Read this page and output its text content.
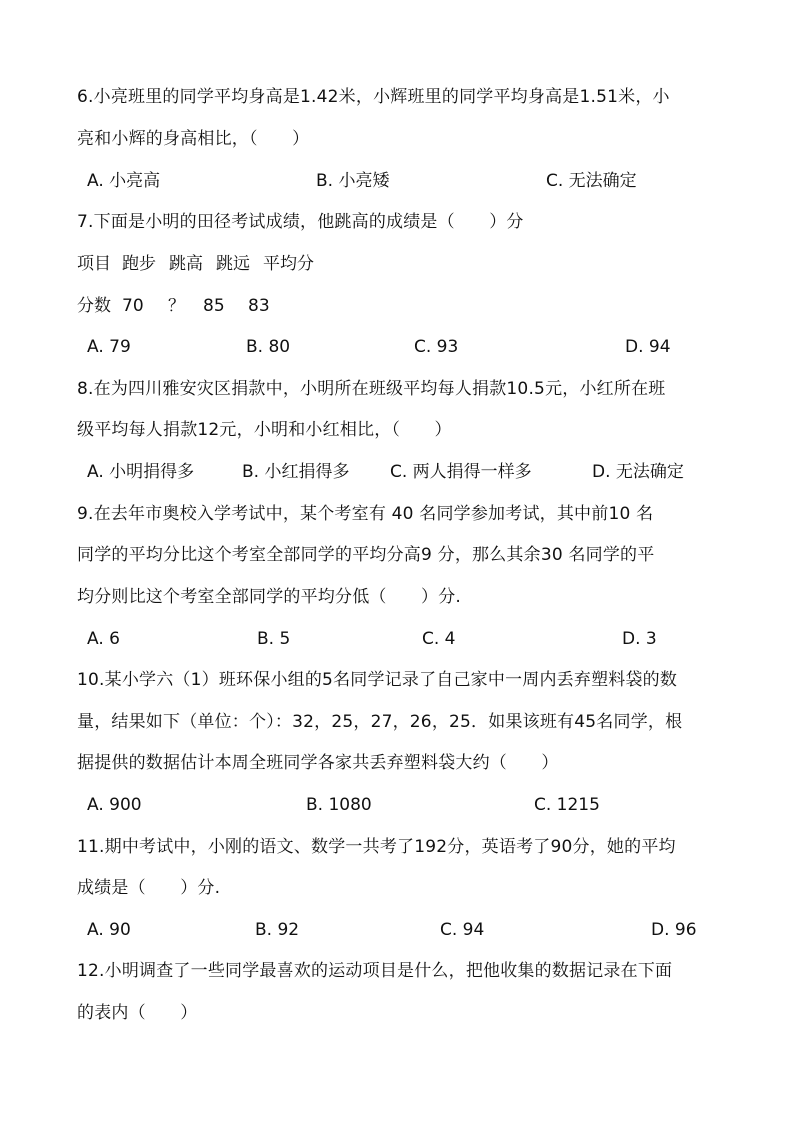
6.小亮班里的同学平均身高是1.42米，小辉班里的同学平均身高是1.51米，小
亮和小辉的身高相比，（　　）
A. 小亮高	B. 小亮矮	C. 无法确定
7.下面是小明的田径考试成绩，他跳高的成绩是（　　）分
项目 跑步 跳高 跳远 平均分
分数 70 ？ 85 83
A. 79	B. 80	C. 93	D. 94
8.在为四川雅安灾区捐款中，小明所在班级平均每人捐款10.5元，小红所在班
级平均每人捐款12元，小明和小红相比，（　　）
A. 小明捐得多	B. 小红捐得多 C. 两人捐得一样多	D. 无法确定
9.在去年市奥校入学考试中，某个考室有 40 名同学参加考试，其中前10 名
同学的平均分比这个考室全部同学的平均分高9 分，那么其余30 名同学的平
均分则比这个考室全部同学的平均分低（　　）分.
A. 6	B. 5	C. 4	D. 3
10.某小学六（1）班环保小组的5名同学记录了自己家中一周内丢弃塑料袋的数
量，结果如下（单位：个）：32，25，27，26，25．如果该班有45名同学，根
据提供的数据估计本周全班同学各家共丢弃塑料袋大约（　　）
A. 900	B. 1080	C. 1215
11.期中考试中，小刚的语文、数学一共考了192分，英语考了90分，她的平均
成绩是（　　）分.
A. 90	B. 92	C. 94	D. 96
12.小明调查了一些同学最喜欢的运动项目是什么，把他收集的数据记录在下面
的表内（　　）
